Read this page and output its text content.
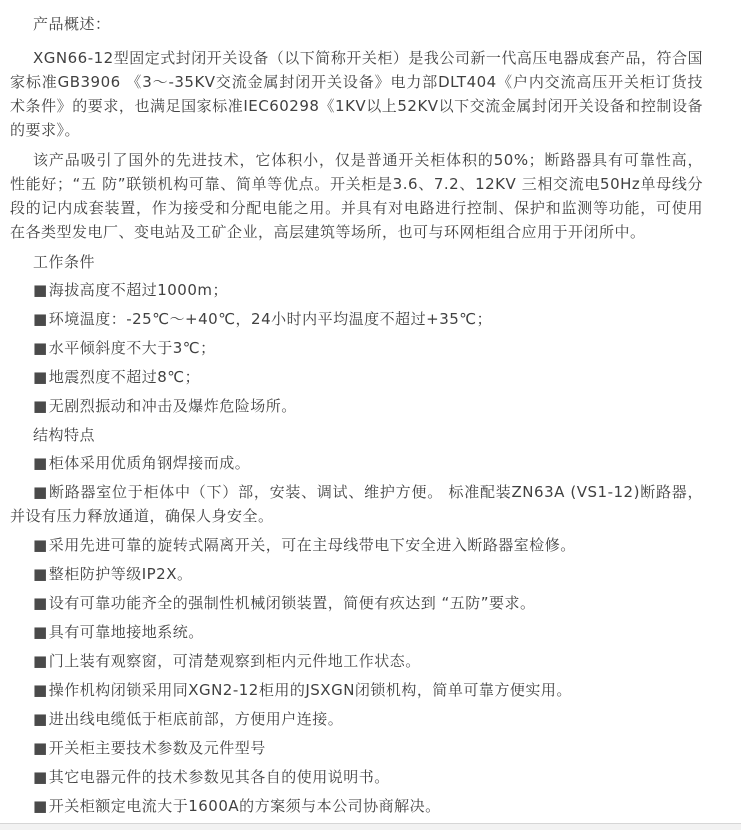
产品概述：

XGN66-12型固定式封闭开关设备（以下简称开关柜）是我公司新一代高压电器成套产品，符合国家标准GB3906 《3～-35KV交流金属封闭开关设备》电力部DLT404《户内交流高压开关柜订货技术条件》的要求，也满足国家标准IEC60298《1KV以上52KV以下交流金属封闭开关设备和控制设备的要求》。

该产品吸引了国外的先进技术，它体积小，仅是普通开关柜体积的50%；断路器具有可靠性高，性能好；“五 防”联锁机构可靠、简单等优点。开关柜是3.6、7.2、12KV 三相交流电50Hz单母线分段的记内成套装置，作为接受和分配电能之用。并具有对电路进行控制、保护和监测等功能，可使用在各类型发电厂、变电站及工矿企业，高层建筑等场所，也可与环网柜组合应用于开闭所中。

工作条件

■海拔高度不超过1000m；

■环境温度：-25℃～+40℃，24小时内平均温度不超过+35℃；

■水平倾斜度不大于3℃；

■地震烈度不超过8℃；

■无剧烈振动和冲击及爆炸危险场所。

结构特点

■柜体采用优质角钢焊接而成。

■断路器室位于柜体中（下）部，安装、调试、维护方便。 标准配装ZN63A (VS1-12)断路器，并设有压力释放通道，确保人身安全。

■采用先进可靠的旋转式隔离开关，可在主母线带电下安全进入断路器室检修。

■整柜防护等级IP2X。

■设有可靠功能齐全的强制性机械闭锁装置，简便有疚达到 “五防”要求。

■具有可靠地接地系统。

■门上装有观察窗，可清楚观察到柜内元件地工作状态。

■操作机构闭锁采用同XGN2-12柜用的JSXGN闭锁机构，简单可靠方便实用。

■进出线电缆低于柜底前部，方便用户连接。

■开关柜主要技术参数及元件型号

■其它电器元件的技术参数见其各自的使用说明书。

■开关柜额定电流大于1600A的方案须与本公司协商解决。
